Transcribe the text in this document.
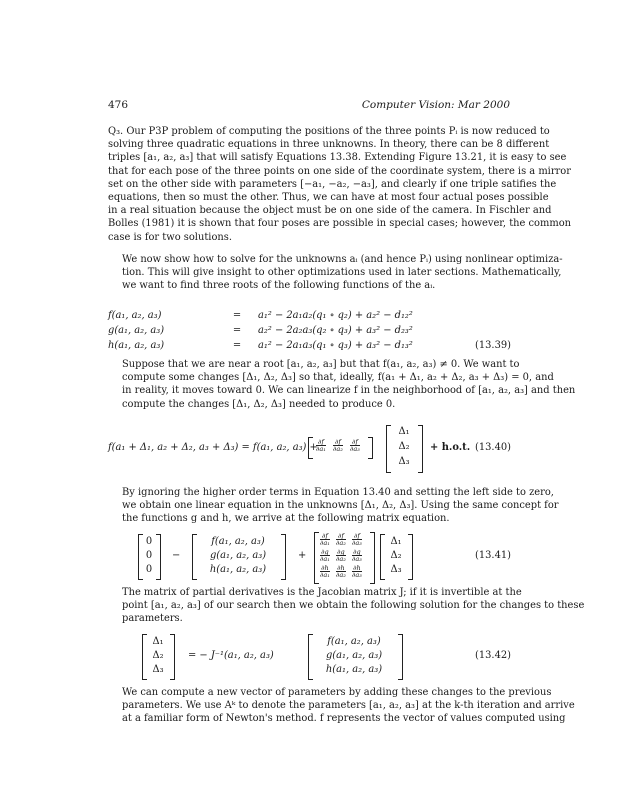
476	Computer Vision: Mar 2000
Q₃. Our P3P problem of computing the positions of the three points Pᵢ is now reduced to
solving three quadratic equations in three unknowns. In theory, there can be 8 different
triples [a₁, a₂, a₃] that will satisfy Equations 13.38. Extending Figure 13.21, it is easy to see
that for each pose of the three points on one side of the coordinate system, there is a mirror
set on the other side with parameters [−a₁, −a₂, −a₃], and clearly if one triple satifies the
equations, then so must the other. Thus, we can have at most four actual poses possible
in a real situation because the object must be on one side of the camera. In Fischler and
Bolles (1981) it is shown that four poses are possible in special cases; however, the common
case is for two solutions.
We now show how to solve for the unknowns aᵢ (and hence Pᵢ) using nonlinear optimiza-
tion. This will give insight to other optimizations used in later sections. Mathematically,
we want to find three roots of the following functions of the aᵢ.
f(a₁, a₂, a₃)	= a₁² − 2a₁a₂(q₁ ∘ q₂) + a₂² − d₁₂²
g(a₁, a₂, a₃)	= a₂² − 2a₂a₃(q₂ ∘ q₃) + a₃² − d₂₃²
h(a₁, a₂, a₃)	= a₁² − 2a₁a₃(q₁ ∘ q₃) + a₃² − d₁₃²	(13.39)
Suppose that we are near a root [a₁, a₂, a₃] but that f(a₁, a₂, a₃) ≠ 0. We want to
compute some changes [Δ₁, Δ₂, Δ₃] so that, ideally, f(a₁ + Δ₁, a₂ + Δ₂, a₃ + Δ₃) = 0, and
in reality, it moves toward 0. We can linearize f in the neighborhood of [a₁, a₂, a₃] and then
compute the changes [Δ₁, Δ₂, Δ₃] needed to produce 0.
f(a₁ + Δ₁, a₂ + Δ₂, a₃ + Δ₃) = f(a₁, a₂, a₃) +
$\frac{\partial f}{\text{∂a₁}} \frac{\partial f}{\text{∂a₂}} \frac{\partial f}{\text{∂a₃}}$
Δ₁
Δ₂
Δ₃
+ h.o.t. (13.40)
By ignoring the higher order terms in Equation 13.40 and setting the left side to zero,
we obtain one linear equation in the unknowns [Δ₁, Δ₂, Δ₃]. Using the same concept for
the functions g and h, we arrive at the following matrix equation.
0
0
0
−
f(a₁, a₂, a₃)
g(a₁, a₂, a₃)
h(a₁, a₂, a₃)
+
$\frac{\partial f}{\text{∂a₁}} \frac{\partial f}{\text{∂a₂}} \frac{\partial f}{\text{∂a₃}}$
$\frac{\partial g}{\text{∂a₁}} \frac{\partial g}{\text{∂a₂}} \frac{\partial g}{\text{∂a₃}}$
$\frac{\partial h}{\text{∂a₁}} \frac{\partial h}{\text{∂a₂}} \frac{\partial h}{\text{∂a₃}}$
Δ₁
Δ₂
Δ₃
(13.41)
The matrix of partial derivatives is the Jacobian matrix J; if it is invertible at the
point [a₁, a₂, a₃] of our search then we obtain the following solution for the changes to these
parameters.
Δ₁
Δ₂
Δ₃
= − J⁻¹(a₁, a₂, a₃)
f(a₁, a₂, a₃)
g(a₁, a₂, a₃)
h(a₁, a₂, a₃)
(13.42)
We can compute a new vector of parameters by adding these changes to the previous
parameters. We use Aᵏ to denote the parameters [a₁, a₂, a₃] at the k-th iteration and arrive
at a familiar form of Newton's method. f represents the vector of values computed using
